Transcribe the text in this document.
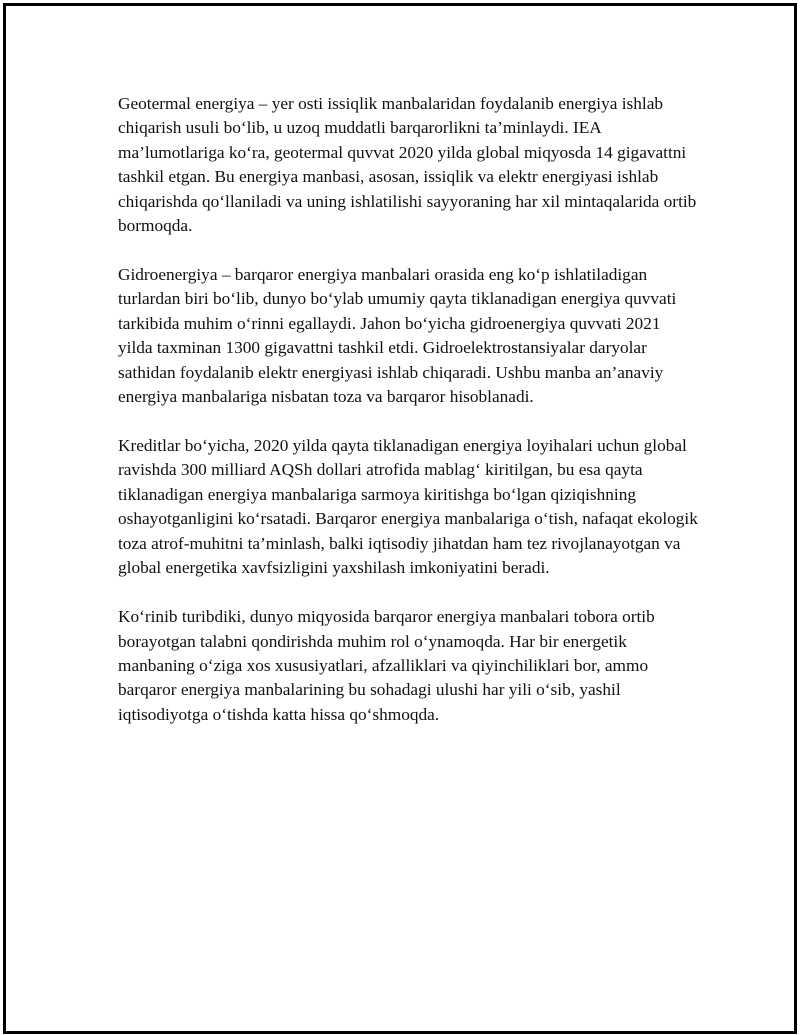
Geotermal energiya – yer osti issiqlik manbalaridan foydalanib energiya ishlab chiqarish usuli bo‘lib, u uzoq muddatli barqarorlikni ta’minlaydi. IEA ma’lumotlariga ko‘ra, geotermal quvvat 2020 yilda global miqyosda 14 gigavattni tashkil etgan. Bu energiya manbasi, asosan, issiqlik va elektr energiyasi ishlab chiqarishda qo‘llaniladi va uning ishlatilishi sayyoraning har xil mintaqalarida ortib bormoqda.

Gidroenergiya – barqaror energiya manbalari orasida eng ko‘p ishlatiladigan turlardan biri bo‘lib, dunyo bo‘ylab umumiy qayta tiklanadigan energiya quvvati tarkibida muhim o‘rinni egallaydi. Jahon bo‘yicha gidroenergiya quvvati 2021 yilda taxminan 1300 gigavattni tashkil etdi. Gidroelektrostansiyalar daryolar sathidan foydalanib elektr energiyasi ishlab chiqaradi. Ushbu manba an’anaviy energiya manbalariga nisbatan toza va barqaror hisoblanadi.

Kreditlar bo‘yicha, 2020 yilda qayta tiklanadigan energiya loyihalari uchun global ravishda 300 milliard AQSh dollari atrofida mablag‘ kiritilgan, bu esa qayta tiklanadigan energiya manbalariga sarmoya kiritishga bo‘lgan qiziqishning oshayotganligini ko‘rsatadi. Barqaror energiya manbalariga o‘tish, nafaqat ekologik toza atrof-muhitni ta’minlash, balki iqtisodiy jihatdan ham tez rivojlanayotgan va global energetika xavfsizligini yaxshilash imkoniyatini beradi.

Ko‘rinib turibdiki, dunyo miqyosida barqaror energiya manbalari tobora ortib borayotgan talabni qondirishda muhim rol o‘ynamoqda. Har bir energetik manbaning o‘ziga xos xususiyatlari, afzalliklari va qiyinchiliklari bor, ammo barqaror energiya manbalarining bu sohadagi ulushi har yili o‘sib, yashil iqtisodiyotga o‘tishda katta hissa qo‘shmoqda.
